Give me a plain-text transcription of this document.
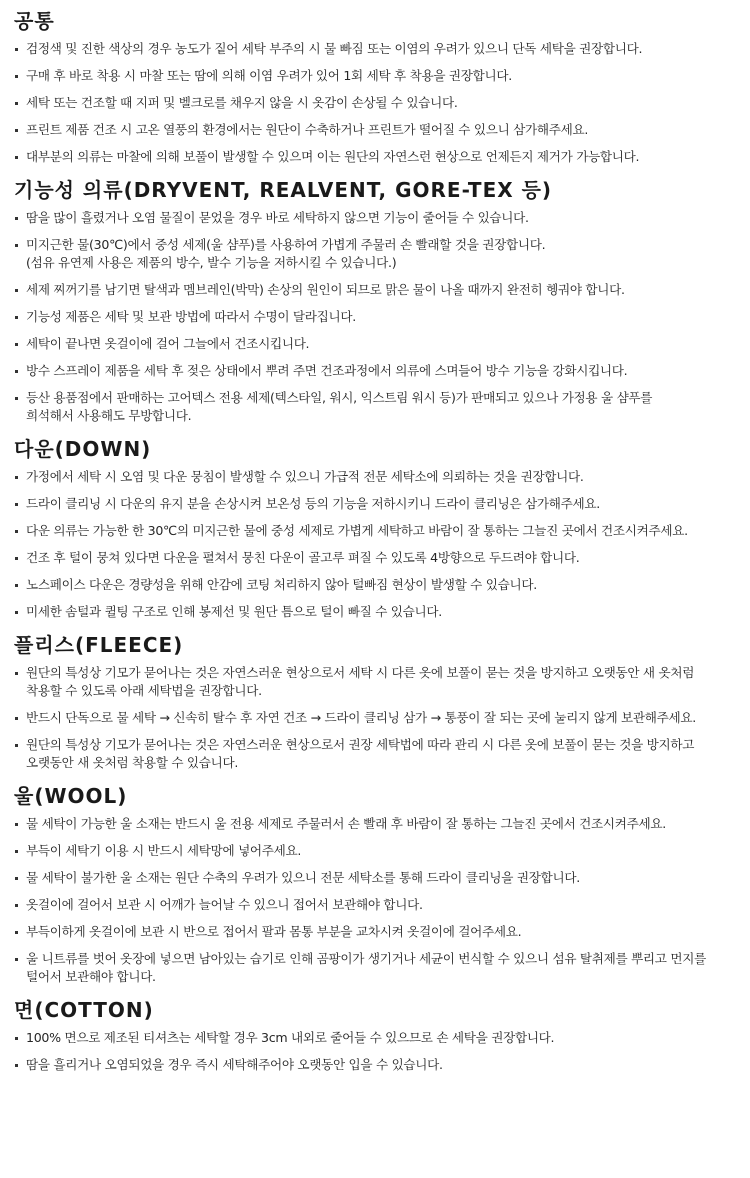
공통
검정색 및 진한 색상의 경우 농도가 짙어 세탁 부주의 시 물 빠짐 또는 이염의 우려가 있으니 단독 세탁을 권장합니다.
구매 후 바로 착용 시 마찰 또는 땀에 의해 이염 우려가 있어 1회 세탁 후 착용을 권장합니다.
세탁 또는 건조할 때 지퍼 및 벨크로를 채우지 않을 시 옷감이 손상될 수 있습니다.
프린트 제품 건조 시 고온 열풍의 환경에서는 원단이 수축하거나 프린트가 떨어질 수 있으니 삼가해주세요.
대부분의 의류는 마찰에 의해 보풀이 발생할 수 있으며 이는 원단의 자연스런 현상으로 언제든지 제거가 가능합니다.
기능성 의류(DRYVENT, REALVENT, GORE-TEX 등)
땀을 많이 흘렸거나 오염 물질이 묻었을 경우 바로 세탁하지 않으면 기능이 줄어들 수 있습니다.
미지근한 물(30℃)에서 중성 세제(울 샴푸)를 사용하여 가볍게 주물러 손 빨래할 것을 권장합니다.
(섬유 유연제 사용은 제품의 방수, 발수 기능을 저하시킬 수 있습니다.)
세제 찌꺼기를 남기면 탈색과 멤브레인(박막) 손상의 원인이 되므로 맑은 물이 나올 때까지 완전히 헹궈야 합니다.
기능성 제품은 세탁 및 보관 방법에 따라서 수명이 달라집니다.
세탁이 끝나면 옷걸이에 걸어 그늘에서 건조시킵니다.
방수 스프레이 제품을 세탁 후 젖은 상태에서 뿌려 주면 건조과정에서 의류에 스며들어 방수 기능을 강화시킵니다.
등산 용품점에서 판매하는 고어텍스 전용 세제(텍스타일, 워시, 익스트림 워시 등)가 판매되고 있으나 가정용 울 샴푸를
희석해서 사용해도 무방합니다.
다운(DOWN)
가정에서 세탁 시 오염 및 다운 뭉침이 발생할 수 있으니 가급적 전문 세탁소에 의뢰하는 것을 권장합니다.
드라이 클리닝 시 다운의 유지 분을 손상시켜 보온성 등의 기능을 저하시키니 드라이 클리닝은 삼가해주세요.
다운 의류는 가능한 한 30℃의 미지근한 물에 중성 세제로 가볍게 세탁하고 바람이 잘 통하는 그늘진 곳에서 건조시켜주세요.
건조 후 털이 뭉쳐 있다면 다운을 펼쳐서 뭉친 다운이 골고루 펴질 수 있도록 4방향으로 두드려야 합니다.
노스페이스 다운은 경량성을 위해 안감에 코팅 처리하지 않아 털빠짐 현상이 발생할 수 있습니다.
미세한 솜털과 퀼팅 구조로 인해 봉제선 및 원단 틈으로 털이 빠질 수 있습니다.
플리스(FLEECE)
원단의 특성상 기모가 묻어나는 것은 자연스러운 현상으로서 세탁 시 다른 옷에 보풀이 묻는 것을 방지하고 오랫동안 새 옷처럼
착용할 수 있도록 아래 세탁법을 권장합니다.
반드시 단독으로 물 세탁 → 신속히 탈수 후 자연 건조 → 드라이 클리닝 삼가 → 통풍이 잘 되는 곳에 눌리지 않게 보관해주세요.
원단의 특성상 기모가 묻어나는 것은 자연스러운 현상으로서 권장 세탁법에 따라 관리 시 다른 옷에 보풀이 묻는 것을 방지하고
오랫동안 새 옷처럼 착용할 수 있습니다.
울(WOOL)
물 세탁이 가능한 울 소재는 반드시 울 전용 세제로 주물러서 손 빨래 후 바람이 잘 통하는 그늘진 곳에서 건조시켜주세요.
부득이 세탁기 이용 시 반드시 세탁망에 넣어주세요.
물 세탁이 불가한 울 소재는 원단 수축의 우려가 있으니 전문 세탁소를 통해 드라이 클리닝을 권장합니다.
옷걸이에 걸어서 보관 시 어깨가 늘어날 수 있으니 접어서 보관해야 합니다.
부득이하게 옷걸이에 보관 시 반으로 접어서 팔과 몸통 부분을 교차시켜 옷걸이에 걸어주세요.
울 니트류를 벗어 옷장에 넣으면 남아있는 습기로 인해 곰팡이가 생기거나 세균이 번식할 수 있으니 섬유 탈취제를 뿌리고 먼지를
털어서 보관해야 합니다.
면(COTTON)
100% 면으로 제조된 티셔츠는 세탁할 경우 3cm 내외로 줄어들 수 있으므로 손 세탁을 권장합니다.
땀을 흘리거나 오염되었을 경우 즉시 세탁해주어야 오랫동안 입을 수 있습니다.
